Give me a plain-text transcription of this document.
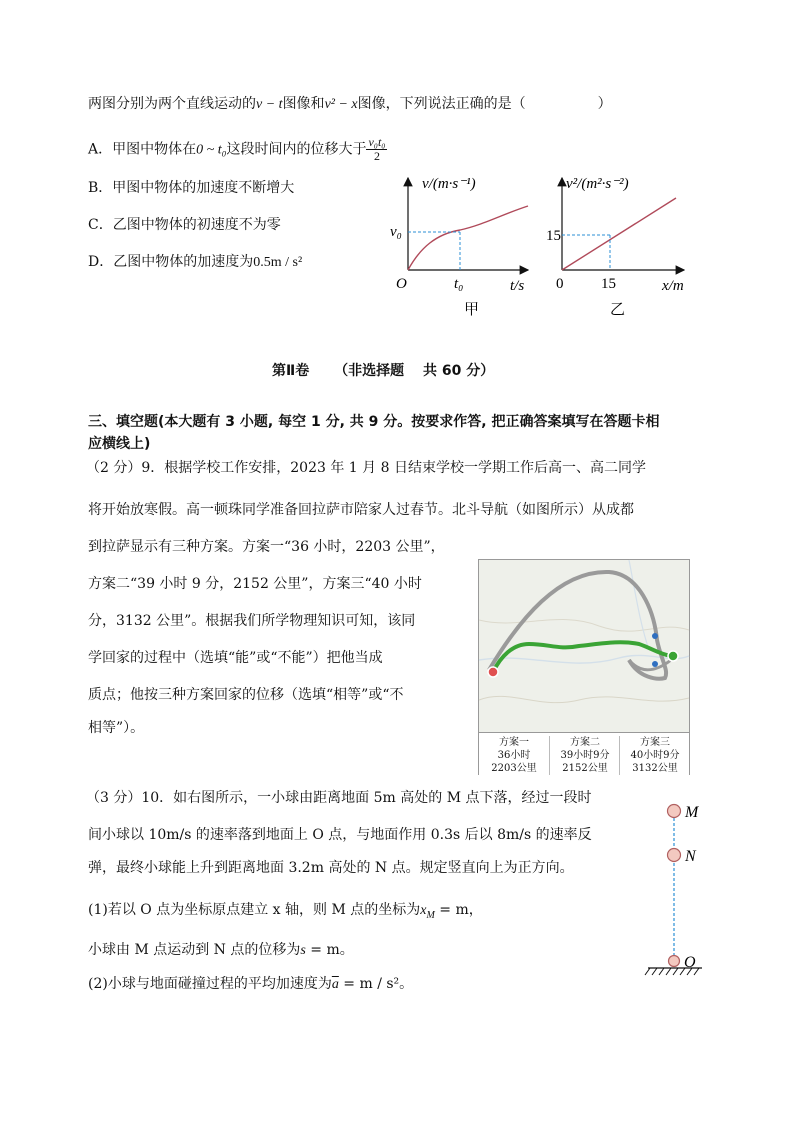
两图分别为两个直线运动的v − t图像和v² − x图像，下列说法正确的是（	）
A．甲图中物体在0 ~ t₀这段时间内的位移大于 $\frac{\text{v₀t₀}}{2}$
B．甲图中物体的加速度不断增大
C．乙图中物体的初速度不为零
D．乙图中物体的加速度为0.5m / s²
v/(m·s⁻¹)
v₀
O	t₀	t/s
甲
v²/(m²·s⁻²)
15
0	15	x/m
乙
第Ⅱ卷 （非选择题　 共 60 分）
三、填空题(本大题有 3 小题, 每空 1 分, 共 9 分。按要求作答, 把正确答案填写在答题卡相
应横线上)
（2 分）9．根据学校工作安排，2023 年 1 月 8 日结束学校一学期工作后高一、高二同学
将开始放寒假。高一顿珠同学准备回拉萨市陪家人过春节。北斗导航（如图所示）从成都
到拉萨显示有三种方案。方案一“36 小时，2203 公里”，
方案二“39 小时 9 分，2152 公里”，方案三“40 小时
分，3132 公里”。根据我们所学物理知识可知，该同
学回家的过程中（选填“能”或“不能”）把他当成
质点；他按三种方案回家的位移（选填“相等”或“不
相等”）。
方案一
36小时
2203公里
方案二
39小时9分
2152公里
方案三
40小时9分
3132公里
（3 分）10．如右图所示，一小球由距离地面 5m 高处的 M 点下落，经过一段时
间小球以 10m/s 的速率落到地面上 O 点，与地面作用 0.3s 后以 8m/s 的速率反
弹，最终小球能上升到距离地面 3.2m 高处的 N 点。规定竖直向上为正方向。
(1)若以 O 点为坐标原点建立 x 轴，则 M 点的坐标为$x_M = m$，
小球由 M 点运动到 N 点的位移为s = m。
(2)小球与地面碰撞过程的平均加速度为$\overline{a} = m / s^2$。
M
N
O
